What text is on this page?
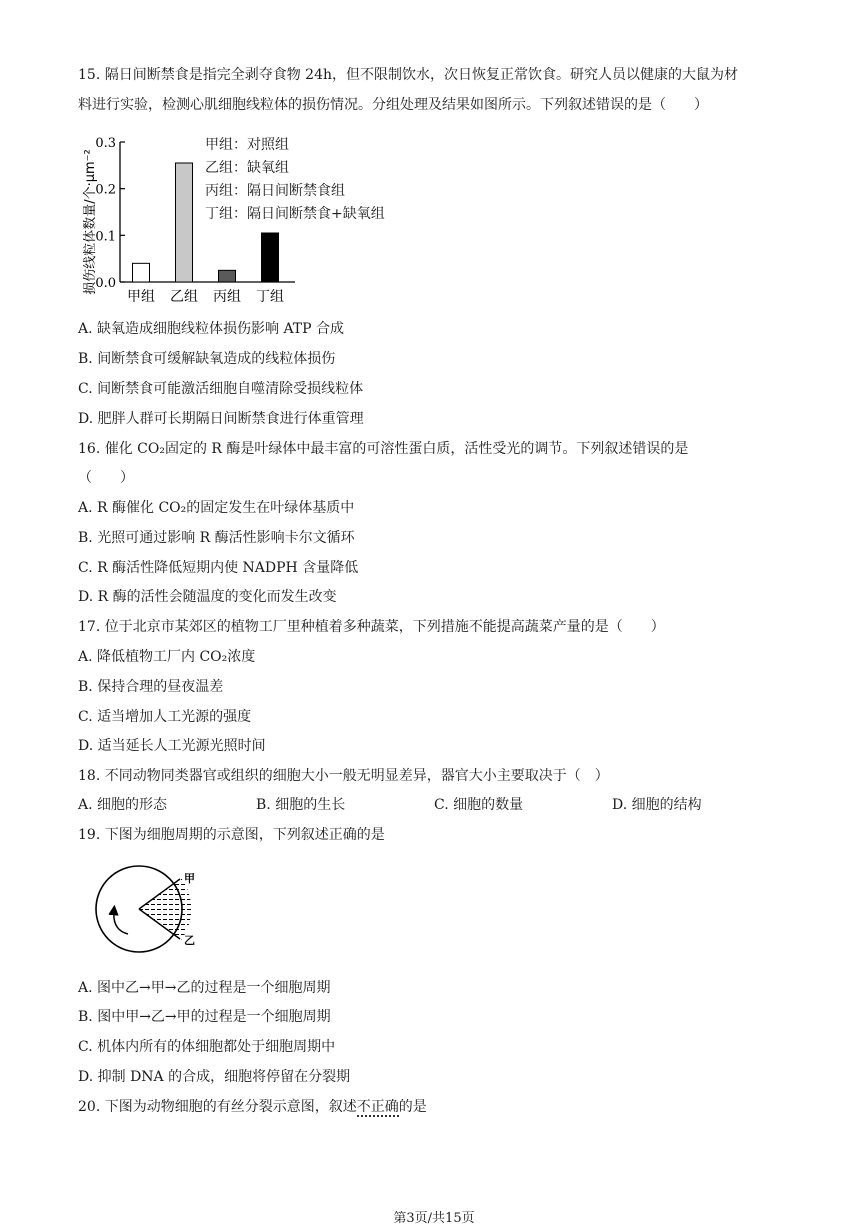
15. 隔日间断禁食是指完全剥夺食物 24h，但不限制饮水，次日恢复正常饮食。研究人员以健康的大鼠为材
料进行实验，检测心肌细胞线粒体的损伤情况。分组处理及结果如图所示。下列叙述错误的是（　　）
损伤线粒体数量/个·μm⁻²
0.0
0.1
0.2
0.3
甲组 乙组 丙组 丁组
甲组：对照组
乙组：缺氧组
丙组：隔日间断禁食组
丁组：隔日间断禁食+缺氧组
A. 缺氧造成细胞线粒体损伤影响 ATP 合成
B. 间断禁食可缓解缺氧造成的线粒体损伤
C. 间断禁食可能激活细胞自噬清除受损线粒体
D. 肥胖人群可长期隔日间断禁食进行体重管理
16. 催化 CO₂固定的 R 酶是叶绿体中最丰富的可溶性蛋白质，活性受光的调节。下列叙述错误的是
（　　）
A. R 酶催化 CO₂的固定发生在叶绿体基质中
B. 光照可通过影响 R 酶活性影响卡尔文循环
C. R 酶活性降低短期内使 NADPH 含量降低
D. R 酶的活性会随温度的变化而发生改变
17. 位于北京市某郊区的植物工厂里种植着多种蔬菜，下列措施不能提高蔬菜产量的是（　　）
A. 降低植物工厂内 CO₂浓度
B. 保持合理的昼夜温差
C. 适当增加人工光源的强度
D. 适当延长人工光源光照时间
18. 不同动物同类器官或组织的细胞大小一般无明显差异，器官大小主要取决于（　）
A. 细胞的形态	B. 细胞的生长	C. 细胞的数量	D. 细胞的结构
19. 下图为细胞周期的示意图，下列叙述正确的是
甲
乙
A. 图中乙→甲→乙的过程是一个细胞周期
B. 图中甲→乙→甲的过程是一个细胞周期
C. 机体内所有的体细胞都处于细胞周期中
D. 抑制 DNA 的合成，细胞将停留在分裂期
20. 下图为动物细胞的有丝分裂示意图，叙述不正确的是
第3页/共15页
